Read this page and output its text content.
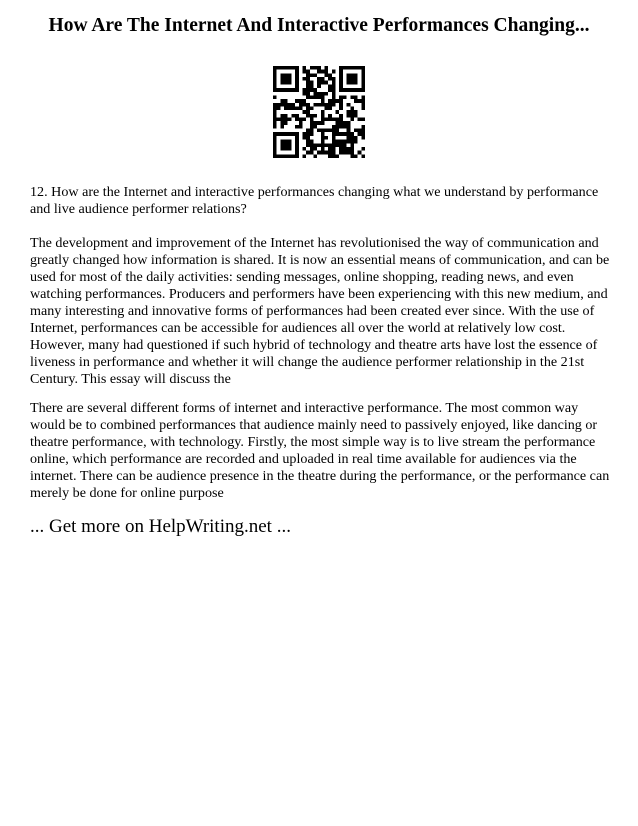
How Are The Internet And Interactive Performances Changing...

12. How are the Internet and interactive performances changing what we understand by performance and live audience performer relations?

The development and improvement of the Internet has revolutionised the way of communication and greatly changed how information is shared. It is now an essential means of communication, and can be used for most of the daily activities: sending messages, online shopping, reading news, and even watching performances. Producers and performers have been experiencing with this new medium, and many interesting and innovative forms of performances had been created ever since. With the use of Internet, performances can be accessible for audiences all over the world at relatively low cost. However, many had questioned if such hybrid of technology and theatre arts have lost the essence of liveness in performance and whether it will change the audience performer relationship in the 21st Century. This essay will discuss the

There are several different forms of internet and interactive performance. The most common way would be to combined performances that audience mainly need to passively enjoyed, like dancing or theatre performance, with technology. Firstly, the most simple way is to live stream the performance online, which performance are recorded and uploaded in real time available for audiences via the internet. There can be audience presence in the theatre during the performance, or the performance can merely be done for online purpose

... Get more on HelpWriting.net ...
